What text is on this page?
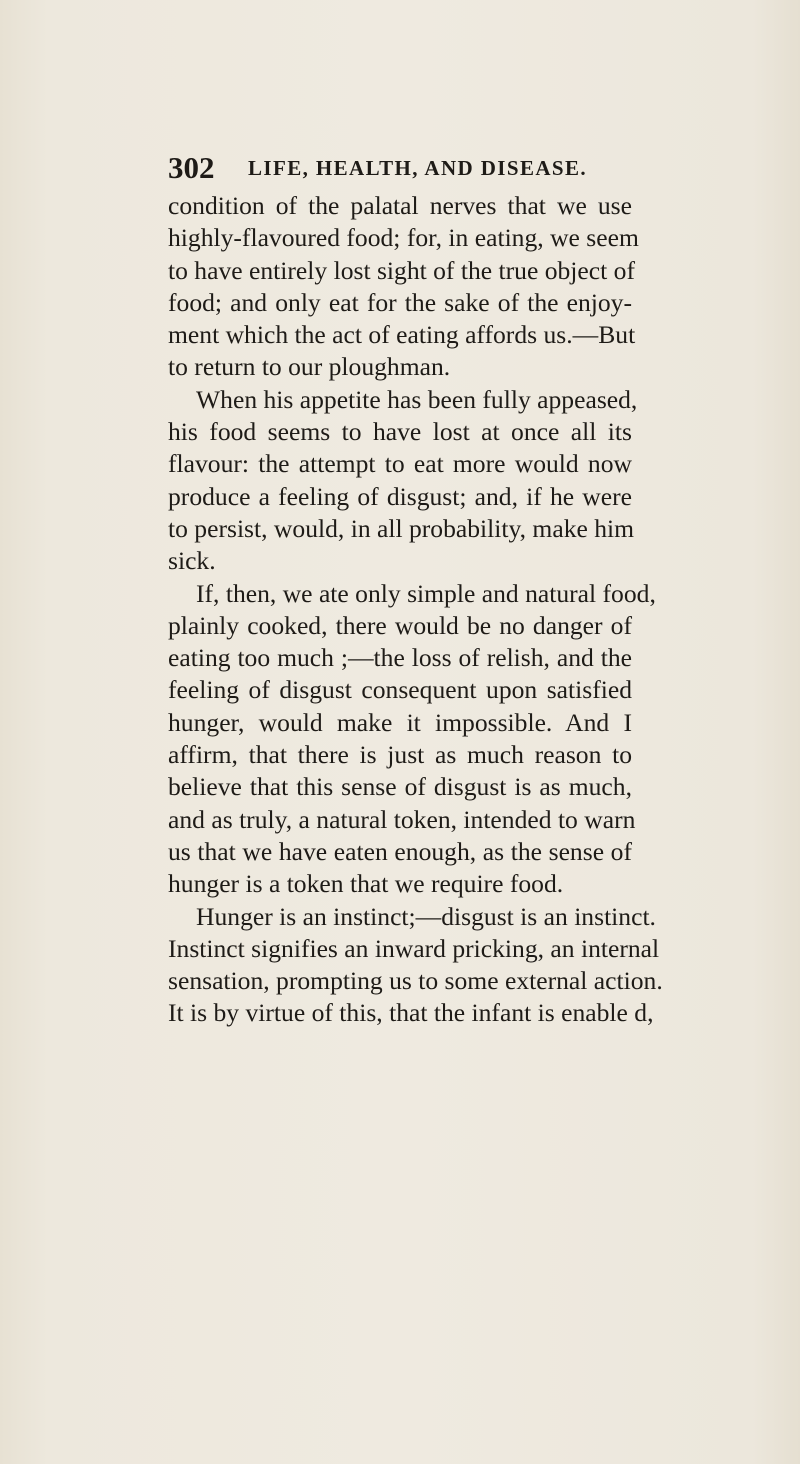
302 LIFE, HEALTH, AND DISEASE.
condition of the palatal nerves that we use
highly-flavoured food; for, in eating, we seem
to have entirely lost sight of the true object of
food; and only eat for the sake of the enjoy-
ment which the act of eating affords us.—But
to return to our ploughman.
When his appetite has been fully appeased,
his food seems to have lost at once all its
flavour: the attempt to eat more would now
produce a feeling of disgust; and, if he were
to persist, would, in all probability, make him
sick.
If, then, we ate only simple and natural food,
plainly cooked, there would be no danger of
eating too much ;—the loss of relish, and the
feeling of disgust consequent upon satisfied
hunger, would make it impossible. And I
affirm, that there is just as much reason to
believe that this sense of disgust is as much,
and as truly, a natural token, intended to warn
us that we have eaten enough, as the sense of
hunger is a token that we require food.
Hunger is an instinct;—disgust is an instinct.
Instinct signifies an inward pricking, an internal
sensation, prompting us to some external action.
It is by virtue of this, that the infant is enable d,
